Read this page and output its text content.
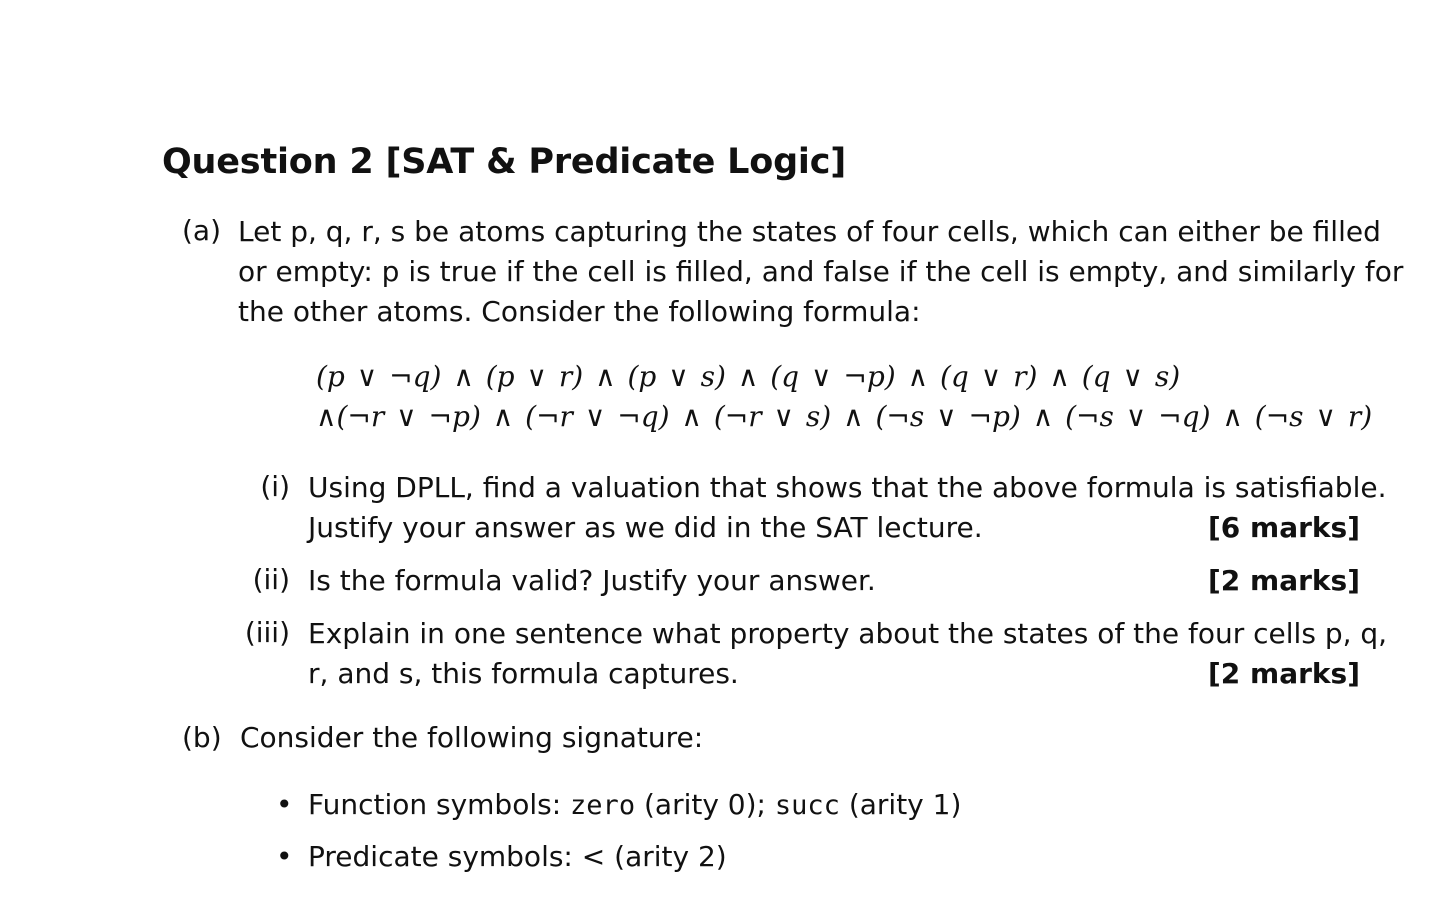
Question 2 [SAT & Predicate Logic]
(a) Let p, q, r, s be atoms capturing the states of four cells, which can either be filled
or empty: p is true if the cell is filled, and false if the cell is empty, and similarly for
the other atoms. Consider the following formula:
(p ∨ ¬q) ∧ (p ∨ r) ∧ (p ∨ s) ∧ (q ∨ ¬p) ∧ (q ∨ r) ∧ (q ∨ s)
∧(¬r ∨ ¬p) ∧ (¬r ∨ ¬q) ∧ (¬r ∨ s) ∧ (¬s ∨ ¬p) ∧ (¬s ∨ ¬q) ∧ (¬s ∨ r)
(i) Using DPLL, find a valuation that shows that the above formula is satisfiable.
Justify your answer as we did in the SAT lecture.	[6 marks]
(ii) Is the formula valid? Justify your answer.	[2 marks]
(iii) Explain in one sentence what property about the states of the four cells p, q,
r, and s, this formula captures.	[2 marks]
(b) Consider the following signature:
• Function symbols: zero (arity 0); succ (arity 1)
• Predicate symbols: < (arity 2)
